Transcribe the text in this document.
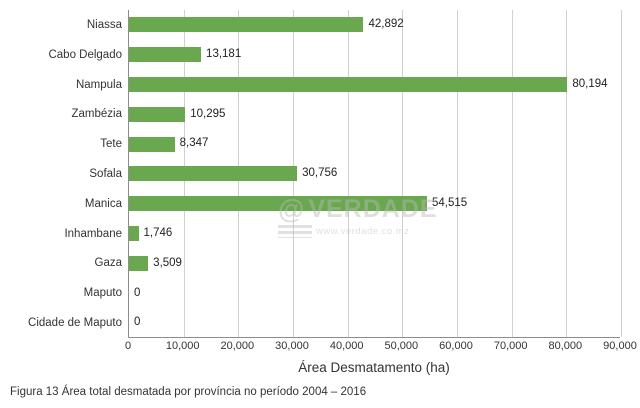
Niassa
Cabo Delgado
Nampula
Zambézia
Tete
Sofala
Manica
Inhambane
Gaza
Maputo
Cidade de Maputo
42,892
13,181
80,194
10,295
8,347
30,756
54,515
1,746
3,509
0
0
0	10,000 20,000 30,000 40,000 50,000 60,000 70,000 80,000 90,000
Área Desmatamento (ha)
@ VERDADE
www.verdade.co.mz
Figura 13 Área total desmatada por província no período 2004 – 2016
